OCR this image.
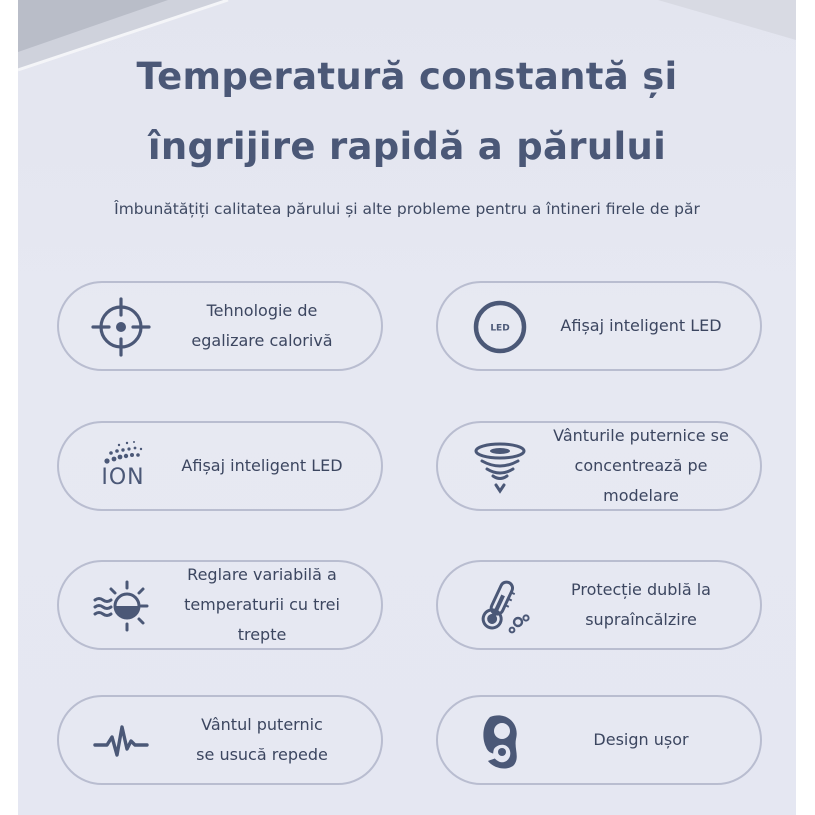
Temperatură constantă și
îngrijire rapidă a părului

Îmbunătățiți calitatea părului și alte probleme pentru a întineri firele de păr

Tehnologie de
egalizare calorivă
LED	Afișaj inteligent LED
ION Afișaj inteligent LED
Vânturile puternice se
concentrează pe modelare
Reglare variabilă a
temperaturii cu trei trepte
Protecție dublă la
supraîncălzire
Vântul puternic
se usucă repede
Design ușor
